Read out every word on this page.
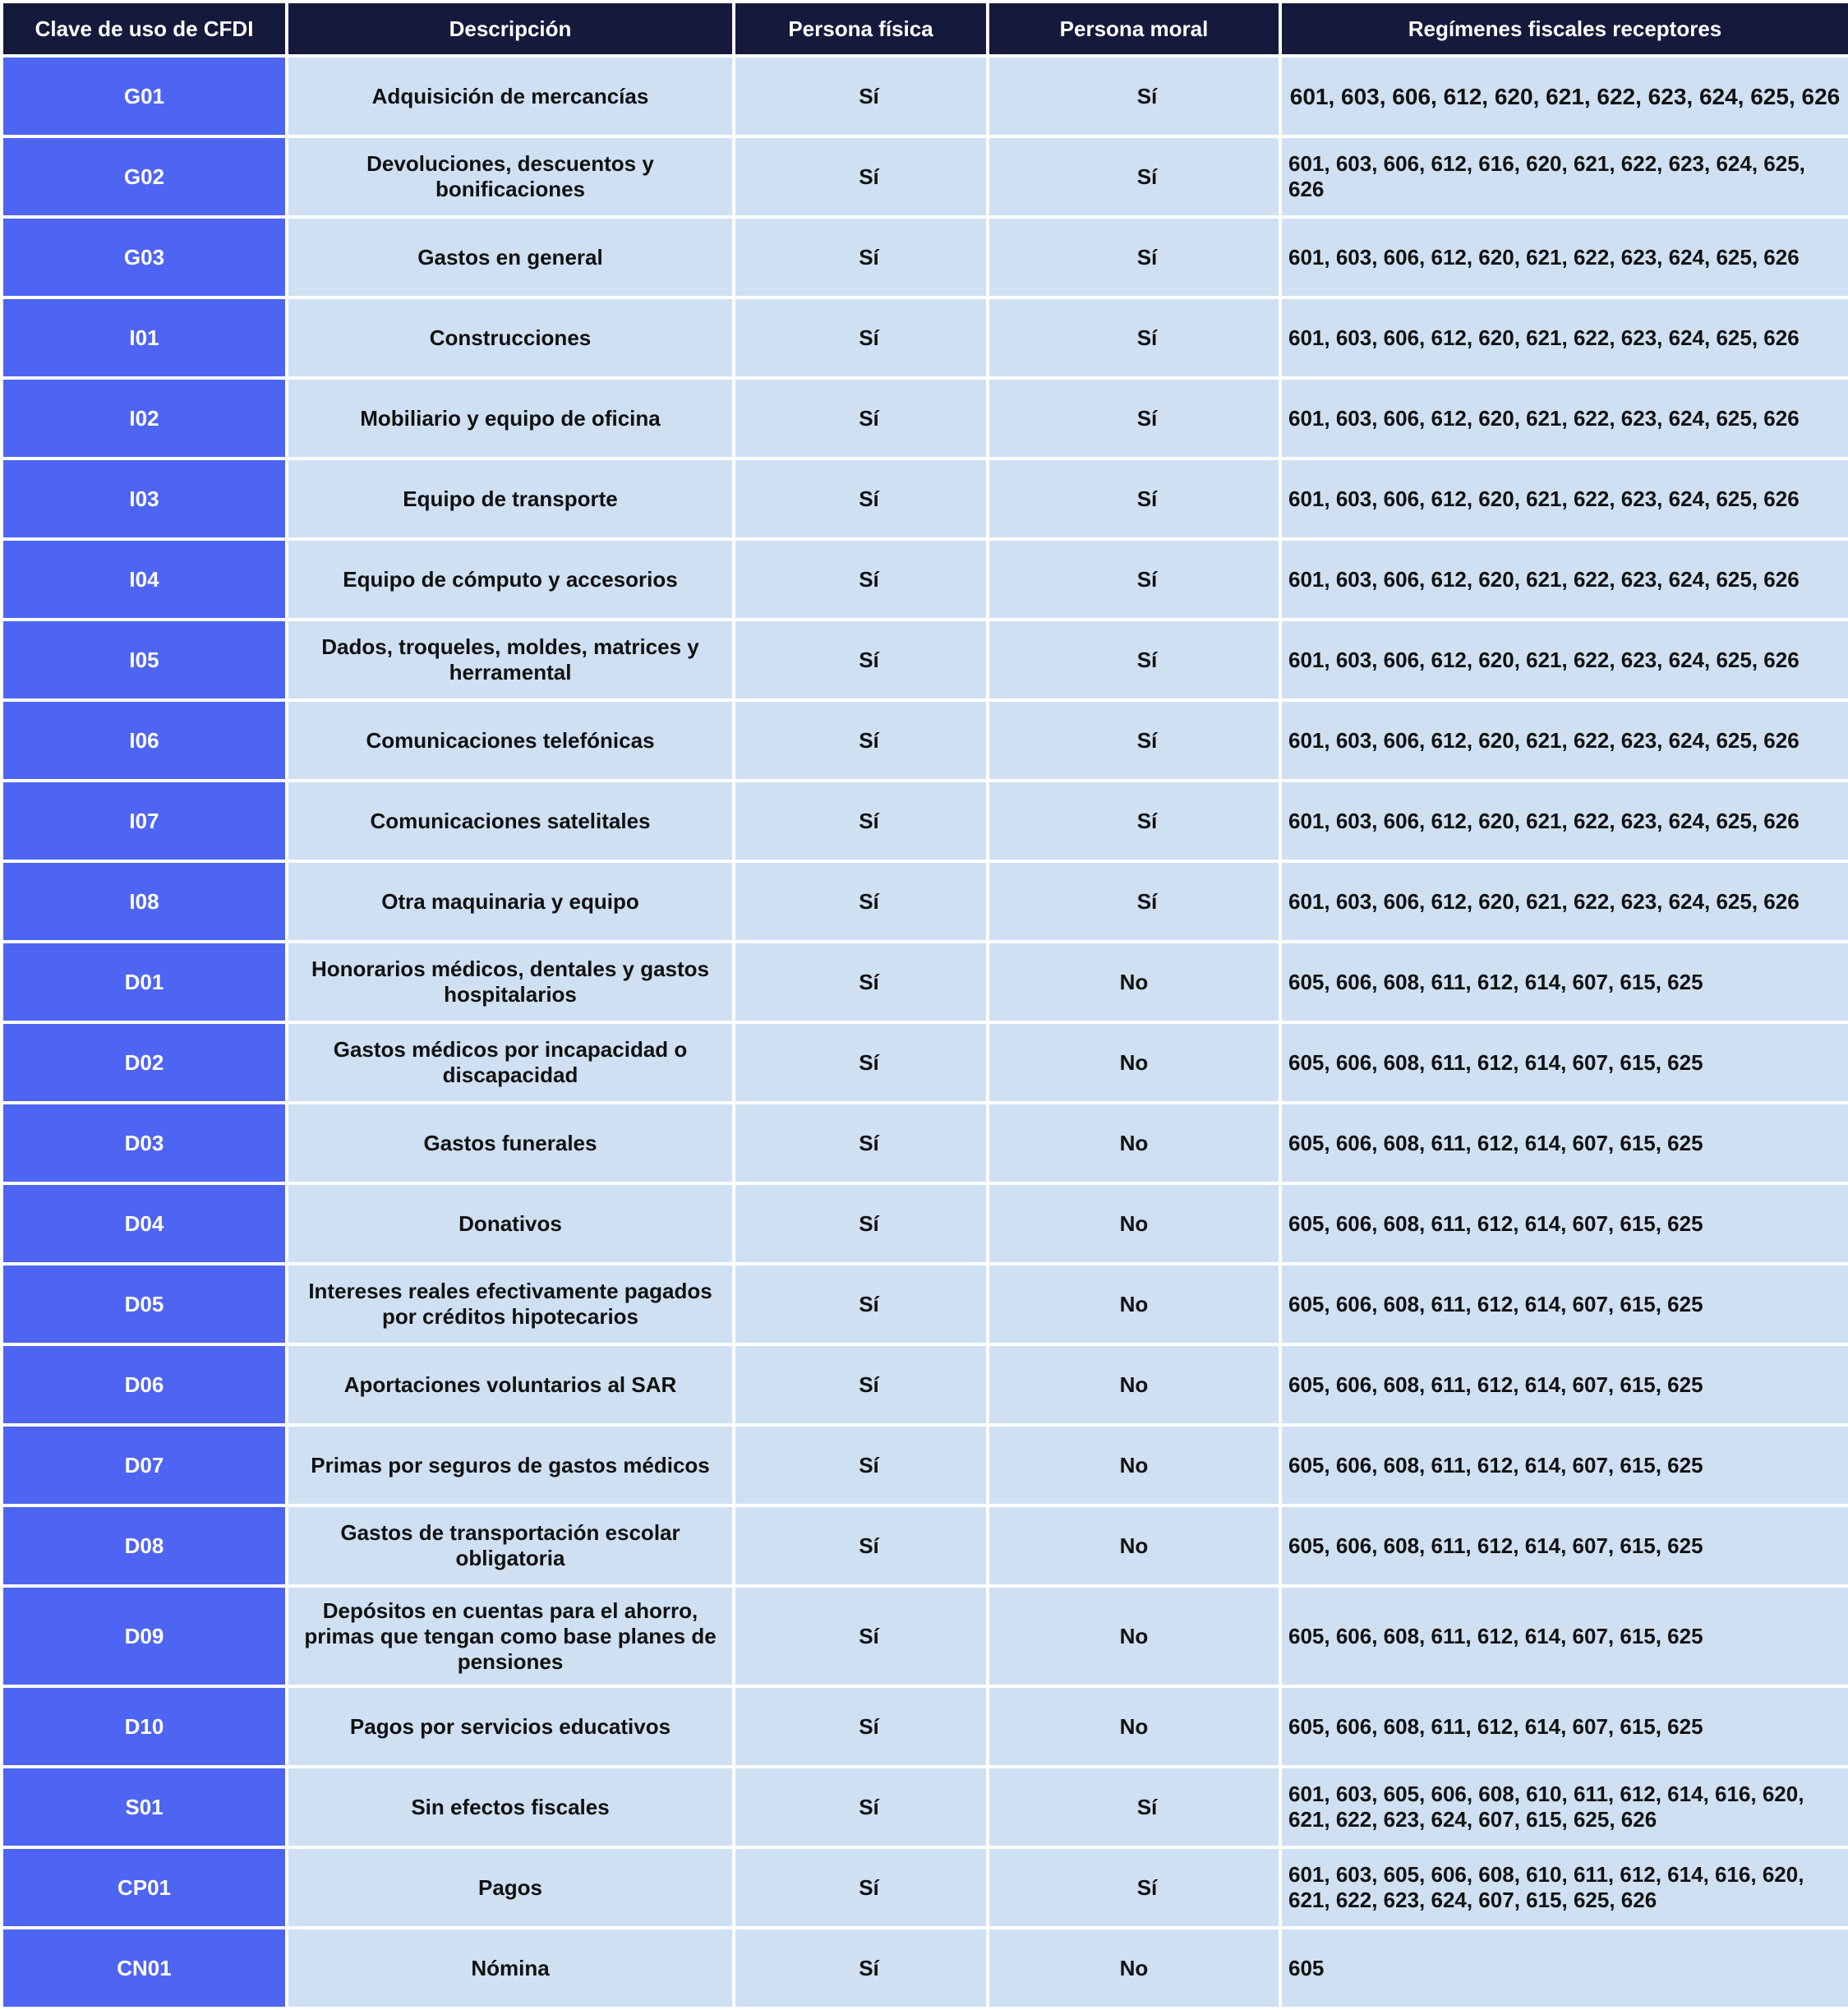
Clave de uso de CFDI	Descripción	Persona física	Persona moral	Regímenes fiscales receptores
G01	Adquisición de mercancías	Sí	Sí	601, 603, 606, 612, 620, 621, 622, 623, 624, 625, 626
G02	Devoluciones, descuentos y bonificaciones	Sí	Sí	601, 603, 606, 612, 616, 620, 621, 622, 623, 624, 625, 626
G03	Gastos en general	Sí	Sí	601, 603, 606, 612, 620, 621, 622, 623, 624, 625, 626
I01	Construcciones	Sí	Sí	601, 603, 606, 612, 620, 621, 622, 623, 624, 625, 626
I02	Mobiliario y equipo de oficina	Sí	Sí	601, 603, 606, 612, 620, 621, 622, 623, 624, 625, 626
I03	Equipo de transporte	Sí	Sí	601, 603, 606, 612, 620, 621, 622, 623, 624, 625, 626
I04	Equipo de cómputo y accesorios	Sí	Sí	601, 603, 606, 612, 620, 621, 622, 623, 624, 625, 626
I05	Dados, troqueles, moldes, matrices y herramental	Sí	Sí	601, 603, 606, 612, 620, 621, 622, 623, 624, 625, 626
I06	Comunicaciones telefónicas	Sí	Sí	601, 603, 606, 612, 620, 621, 622, 623, 624, 625, 626
I07	Comunicaciones satelitales	Sí	Sí	601, 603, 606, 612, 620, 621, 622, 623, 624, 625, 626
I08	Otra maquinaria y equipo	Sí	Sí	601, 603, 606, 612, 620, 621, 622, 623, 624, 625, 626
D01	Honorarios médicos, dentales y gastos hospitalarios	Sí	No	605, 606, 608, 611, 612, 614, 607, 615, 625
D02	Gastos médicos por incapacidad o discapacidad	Sí	No	605, 606, 608, 611, 612, 614, 607, 615, 625
D03	Gastos funerales	Sí	No	605, 606, 608, 611, 612, 614, 607, 615, 625
D04	Donativos	Sí	No	605, 606, 608, 611, 612, 614, 607, 615, 625
D05	Intereses reales efectivamente pagados por créditos hipotecarios	Sí	No	605, 606, 608, 611, 612, 614, 607, 615, 625
D06	Aportaciones voluntarios al SAR	Sí	No	605, 606, 608, 611, 612, 614, 607, 615, 625
D07	Primas por seguros de gastos médicos	Sí	No	605, 606, 608, 611, 612, 614, 607, 615, 625
D08	Gastos de transportación escolar obligatoria	Sí	No	605, 606, 608, 611, 612, 614, 607, 615, 625
D09	Depósitos en cuentas para el ahorro, primas que tengan como base planes de pensiones	Sí	No	605, 606, 608, 611, 612, 614, 607, 615, 625
D10	Pagos por servicios educativos	Sí	No	605, 606, 608, 611, 612, 614, 607, 615, 625
S01	Sin efectos fiscales	Sí	Sí	601, 603, 605, 606, 608, 610, 611, 612, 614, 616, 620, 621, 622, 623, 624, 607, 615, 625, 626
CP01	Pagos	Sí	Sí	601, 603, 605, 606, 608, 610, 611, 612, 614, 616, 620, 621, 622, 623, 624, 607, 615, 625, 626
CN01	Nómina	Sí	No	605
